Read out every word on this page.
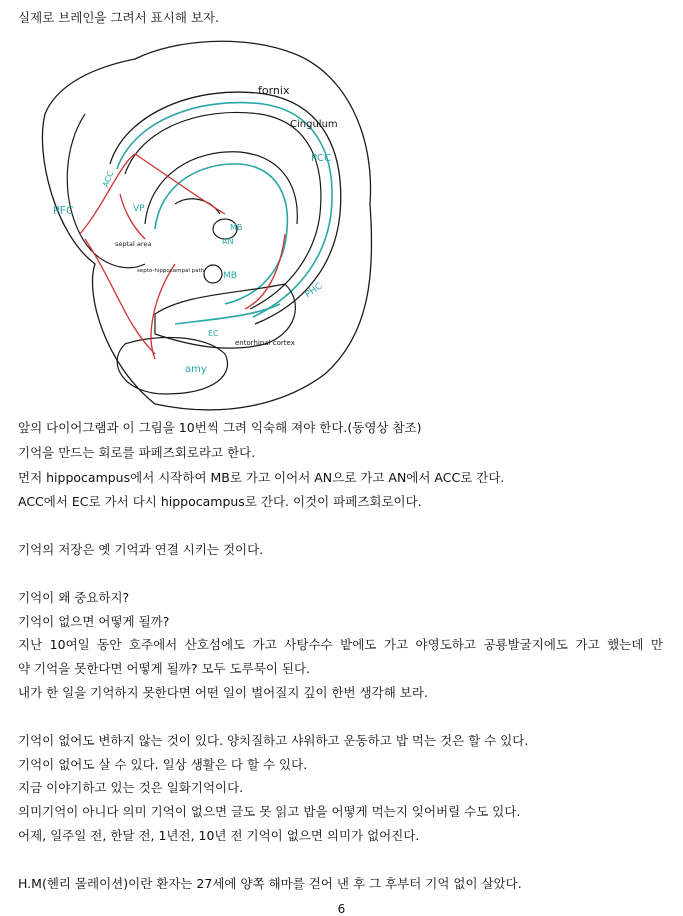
실제로 브레인을 그려서 표시해 보자.
fornix
Cingulum
PCC
PFC
ACC
VP
MB
AN
MB
septal area
septo-hippocampal path
PHC
EC
entorhinal cortex
amy
앞의 다이어그램과 이 그림을 10번씩 그려 익숙해 져야 한다.(동영상 참조)
기억을 만드는 회로를 파페즈회로라고 한다.
먼저 hippocampus에서 시작하여 MB로 가고 이어서 AN으로 가고 AN에서 ACC로 간다.
ACC에서 EC로 가서 다시 hippocampus로 간다. 이것이 파페즈회로이다.
기억의 저장은 옛 기억과 연결 시키는 것이다.
기억이 왜 중요하지?
기억이 없으면 어떻게 될까?
지난 10여일 동안 호주에서 산호섬에도 가고 사탕수수 밭에도 가고 야영도하고 공룡발굴지에도 가고 했는데 만
약 기억을 못한다면 어떻게 될까? 모두 도루묵이 된다.
내가 한 일을 기억하지 못한다면 어떤 일이 벌어질지 깊이 한번 생각해 보라.
기억이 없어도 변하지 않는 것이 있다. 양치질하고 샤워하고 운동하고 밥 먹는 것은 할 수 있다.
기억이 없어도 살 수 있다. 일상 생활은 다 할 수 있다.
지금 이야기하고 있는 것은 일화기억이다.
의미기억이 아니다 의미 기억이 없으면 글도 못 읽고 밥을 어떻게 먹는지 잊어버릴 수도 있다.
어제, 일주일 전, 한달 전, 1년전, 10년 전 기억이 없으면 의미가 없어진다.
H.M(헨리 몰레이션)이란 환자는 27세에 양쪽 해마를 걷어 낸 후 그 후부터 기억 없이 살았다.
6
